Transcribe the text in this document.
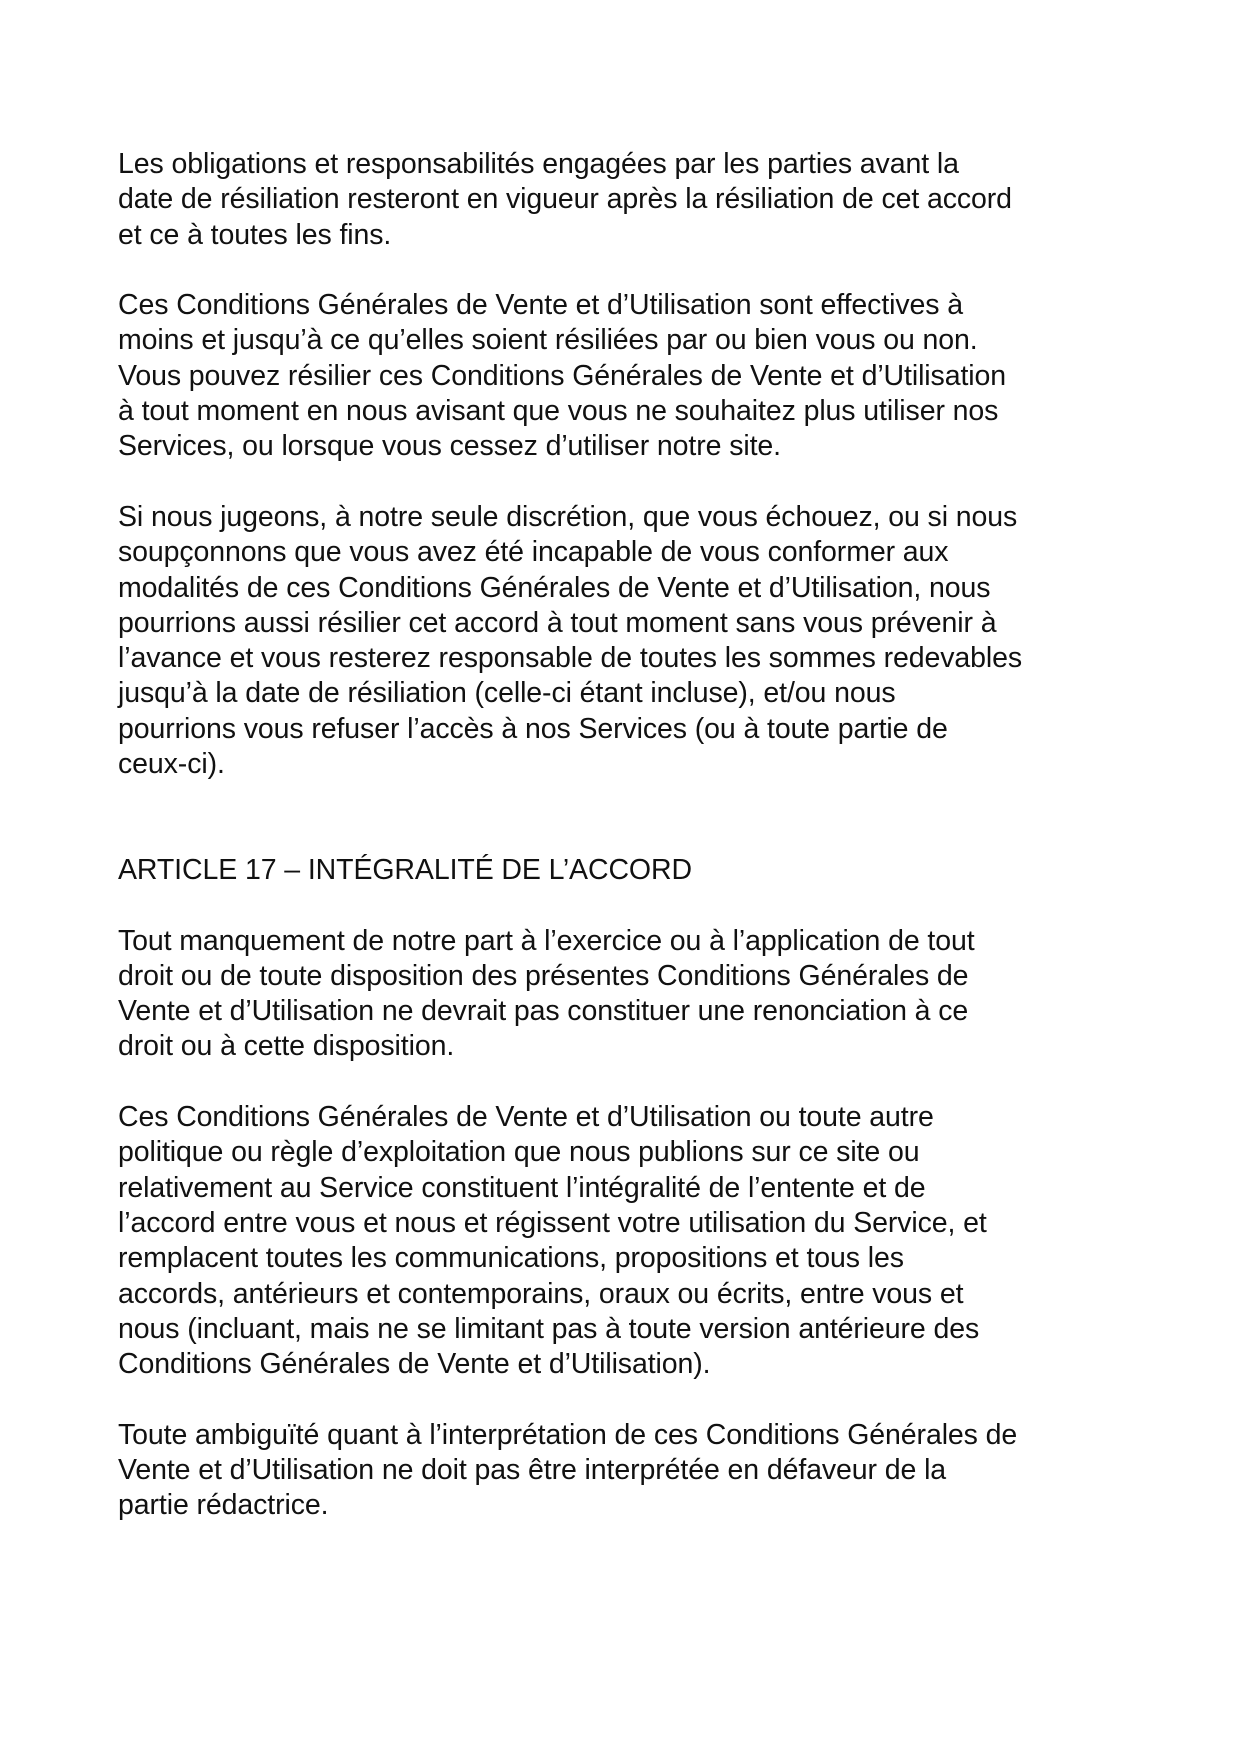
Les obligations et responsabilités engagées par les parties avant la
date de résiliation resteront en vigueur après la résiliation de cet accord
et ce à toutes les fins.

Ces Conditions Générales de Vente et d’Utilisation sont effectives à
moins et jusqu’à ce qu’elles soient résiliées par ou bien vous ou non.
Vous pouvez résilier ces Conditions Générales de Vente et d’Utilisation
à tout moment en nous avisant que vous ne souhaitez plus utiliser nos
Services, ou lorsque vous cessez d’utiliser notre site.

Si nous jugeons, à notre seule discrétion, que vous échouez, ou si nous
soupçonnons que vous avez été incapable de vous conformer aux
modalités de ces Conditions Générales de Vente et d’Utilisation, nous
pourrions aussi résilier cet accord à tout moment sans vous prévenir à
l’avance et vous resterez responsable de toutes les sommes redevables
jusqu’à la date de résiliation (celle-ci étant incluse), et/ou nous
pourrions vous refuser l’accès à nos Services (ou à toute partie de
ceux-ci).

ARTICLE 17 – INTÉGRALITÉ DE L’ACCORD

Tout manquement de notre part à l’exercice ou à l’application de tout
droit ou de toute disposition des présentes Conditions Générales de
Vente et d’Utilisation ne devrait pas constituer une renonciation à ce
droit ou à cette disposition.

Ces Conditions Générales de Vente et d’Utilisation ou toute autre
politique ou règle d’exploitation que nous publions sur ce site ou
relativement au Service constituent l’intégralité de l’entente et de
l’accord entre vous et nous et régissent votre utilisation du Service, et
remplacent toutes les communications, propositions et tous les
accords, antérieurs et contemporains, oraux ou écrits, entre vous et
nous (incluant, mais ne se limitant pas à toute version antérieure des
Conditions Générales de Vente et d’Utilisation).

Toute ambiguïté quant à l’interprétation de ces Conditions Générales de
Vente et d’Utilisation ne doit pas être interprétée en défaveur de la
partie rédactrice.
